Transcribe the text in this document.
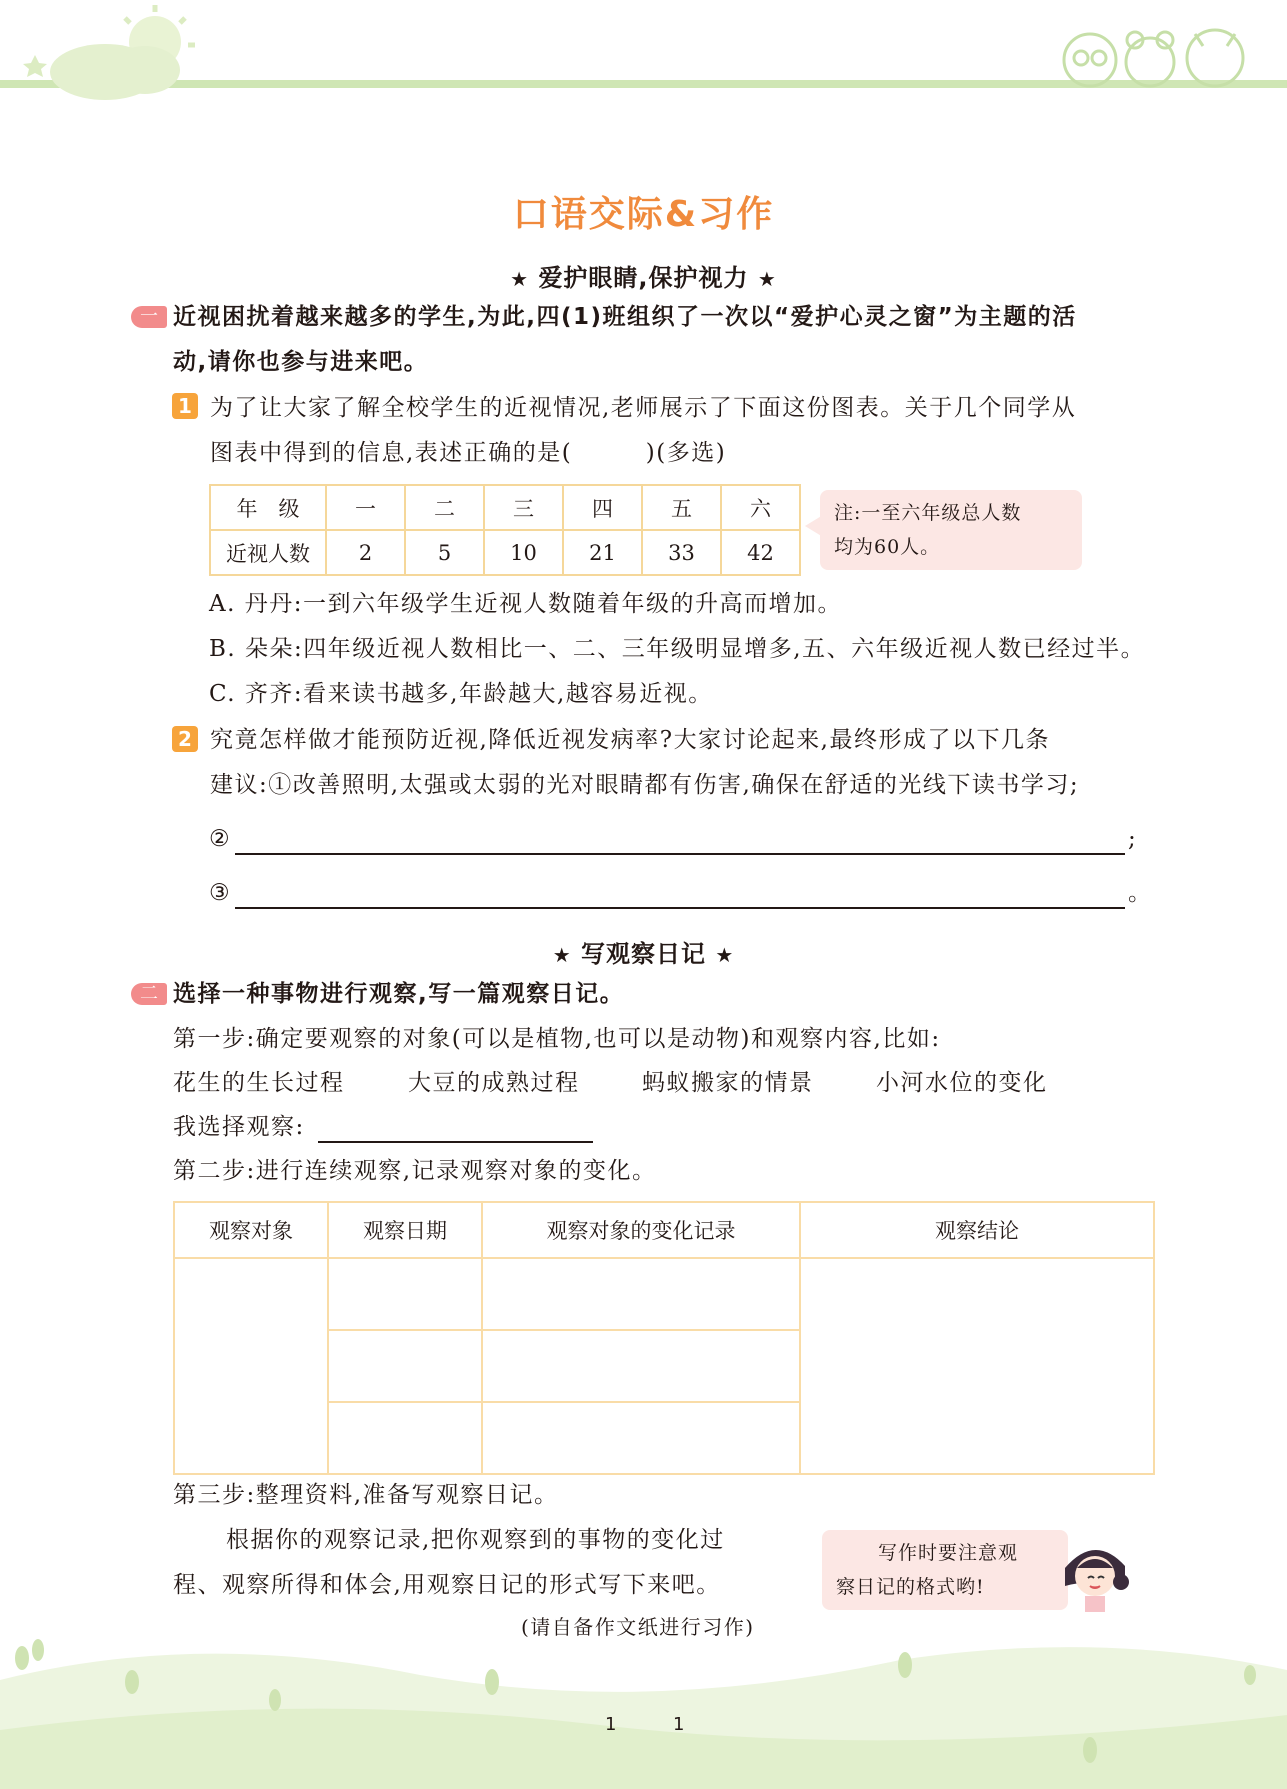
口语交际&习作
★ 爱护眼睛,保护视力 ★
一 近视困扰着越来越多的学生,为此,四(1)班组织了一次以“爱护心灵之窗”为主题的活
动,请你也参与进来吧。
1 为了让大家了解全校学生的近视情况,老师展示了下面这份图表。关于几个同学从
图表中得到的信息,表述正确的是(　　　)(多选)
年　级	一	二	三	四	五	六
近视人数	2	5	10	21	33	42
注:一至六年级总人数
均为60人。
A. 丹丹:一到六年级学生近视人数随着年级的升高而增加。
B. 朵朵:四年级近视人数相比一、二、三年级明显增多,五、六年级近视人数已经过半。
C. 齐齐:看来读书越多,年龄越大,越容易近视。
2 究竟怎样做才能预防近视,降低近视发病率?大家讨论起来,最终形成了以下几条
建议:①改善照明,太强或太弱的光对眼睛都有伤害,确保在舒适的光线下读书学习;
②	;
③	。
★ 写观察日记 ★
二 选择一种事物进行观察,写一篇观察日记。
第一步:确定要观察的对象(可以是植物,也可以是动物)和观察内容,比如:
花生的生长过程	大豆的成熟过程	蚂蚁搬家的情景	小河水位的变化
我选择观察:
第二步:进行连续观察,记录观察对象的变化。
观察对象	观察日期	观察对象的变化记录	观察结论

第三步:整理资料,准备写观察日记。
根据你的观察记录,把你观察到的事物的变化过
程、观察所得和体会,用观察日记的形式写下来吧。
写作时要注意观
察日记的格式哟!
(请自备作文纸进行习作)
1	1
